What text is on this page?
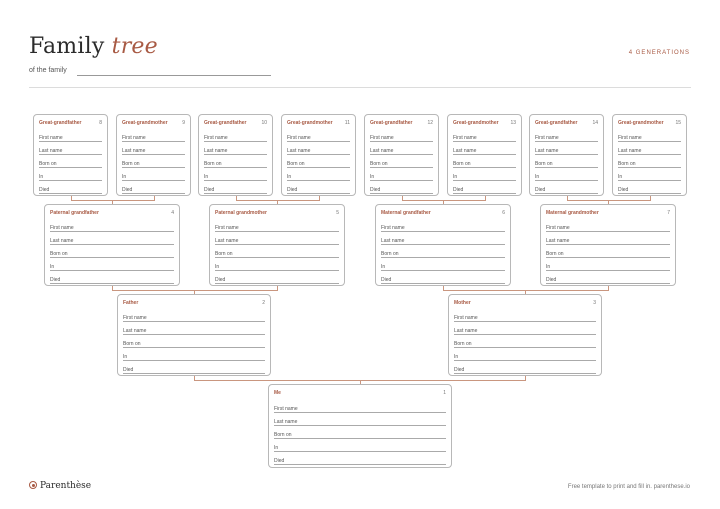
Family tree
of the family
4 GENERATIONS
Great-grandfather	8
First name
Last name
Born on
In
Died
Great-grandmother	9
First name
Last name
Born on
In
Died
Great-grandfather	10
First name
Last name
Born on
In
Died
Great-grandmother 11
First name
Last name
Born on
In
Died
Great-grandfather	12
First name
Last name
Born on
In
Died
Great-grandmother 13
First name
Last name
Born on
In
Died
Great-grandfather	14
First name
Last name
Born on
In
Died
Great-grandmother 15
First name
Last name
Born on
In
Died
Paternal grandfather	4
First name
Last name
Born on
In
Died
Paternal grandmother	5
First name
Last name
Born on
In
Died
Maternal grandfather	6
First name
Last name
Born on
In
Died
Maternal grandmother	7
First name
Last name
Born on
In
Died
Father	2
First name
Last name
Born on
In
Died
Mother	3
First name
Last name
Born on
In
Died
Me	1
First name
Last name
Born on
In
Died
Parenthèse	Free template to print and fill in. parenthese.io
